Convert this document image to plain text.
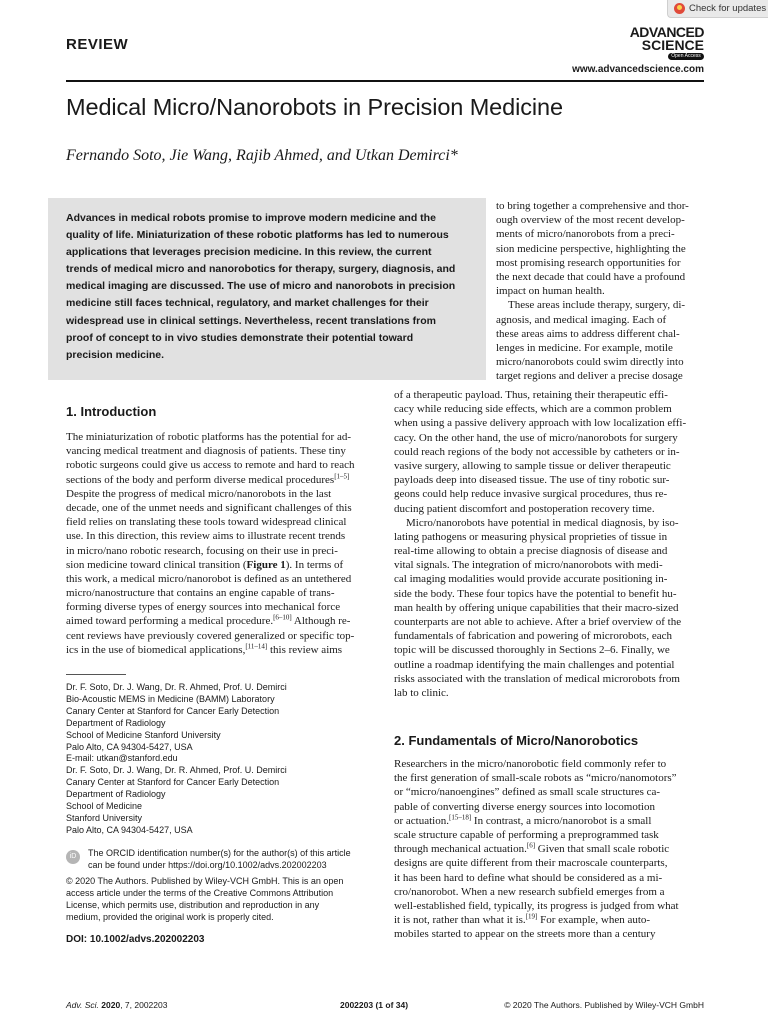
Check for updates
REVIEW
ADVANCED
SCIENCE
Open Access
www.advancedscience.com
Medical Micro/Nanorobots in Precision Medicine
Fernando Soto, Jie Wang, Rajib Ahmed, and Utkan Demirci*
Advances in medical robots promise to improve modern medicine and the
quality of life. Miniaturization of these robotic platforms has led to numerous
applications that leverages precision medicine. In this review, the current
trends of medical micro and nanorobotics for therapy, surgery, diagnosis, and
medical imaging are discussed. The use of micro and nanorobots in precision
medicine still faces technical, regulatory, and market challenges for their
widespread use in clinical settings. Nevertheless, recent translations from
proof of concept to in vivo studies demonstrate their potential toward
precision medicine.
to bring together a comprehensive and thor-
ough overview of the most recent develop-
ments of micro/nanorobots from a preci-
sion medicine perspective, highlighting the
most promising research opportunities for
the next decade that could have a profound
impact on human health.
These areas include therapy, surgery, di-
agnosis, and medical imaging. Each of
these areas aims to address different chal-
lenges in medicine. For example, motile
micro/nanorobots could swim directly into
target regions and deliver a precise dosage
of a therapeutic payload. Thus, retaining their therapeutic effi-
cacy while reducing side effects, which are a common problem
when using a passive delivery approach with low localization effi-
cacy. On the other hand, the use of micro/nanorobots for surgery
could reach regions of the body not accessible by catheters or in-
vasive surgery, allowing to sample tissue or deliver therapeutic
payloads deep into diseased tissue. The use of tiny robotic sur-
geons could help reduce invasive surgical procedures, thus re-
ducing patient discomfort and postoperation recovery time.
Micro/nanorobots have potential in medical diagnosis, by iso-
lating pathogens or measuring physical proprieties of tissue in
real-time allowing to obtain a precise diagnosis of disease and
vital signals. The integration of micro/nanorobots with medi-
cal imaging modalities would provide accurate positioning in-
side the body. These four topics have the potential to benefit hu-
man health by offering unique capabilities that their macro-sized
counterparts are not able to achieve. After a brief overview of the
fundamentals of fabrication and powering of microrobots, each
topic will be discussed thoroughly in Sections 2–6. Finally, we
outline a roadmap identifying the main challenges and potential
risks associated with the translation of medical microrobots from
lab to clinic.
2. Fundamentals of Micro/Nanorobotics
Researchers in the micro/nanorobotic field commonly refer to
the first generation of small-scale robots as “micro/nanomotors”
or “micro/nanoengines” defined as small scale structures ca-
pable of converting diverse energy sources into locomotion
or actuation.[15–18] In contrast, a micro/nanorobot is a small
scale structure capable of performing a preprogrammed task
through mechanical actuation.[6] Given that small scale robotic
designs are quite different from their macroscale counterparts,
it has been hard to define what should be considered as a mi-
cro/nanorobot. When a new research subfield emerges from a
well-established field, typically, its progress is judged from what
it is not, rather than what it is.[19] For example, when auto-
mobiles started to appear on the streets more than a century
1. Introduction
The miniaturization of robotic platforms has the potential for ad-
vancing medical treatment and diagnosis of patients. These tiny
robotic surgeons could give us access to remote and hard to reach
sections of the body and perform diverse medical procedures[1–5]
Despite the progress of medical micro/nanorobots in the last
decade, one of the unmet needs and significant challenges of this
field relies on translating these tools toward widespread clinical
use. In this direction, this review aims to illustrate recent trends
in micro/nano robotic research, focusing on their use in preci-
sion medicine toward clinical transition (Figure 1). In terms of
this work, a medical micro/nanorobot is defined as an untethered
micro/nanostructure that contains an engine capable of trans-
forming diverse types of energy sources into mechanical force
aimed toward performing a medical procedure.[6–10] Although re-
cent reviews have previously covered generalized or specific top-
ics in the use of biomedical applications,[11–14] this review aims
Dr. F. Soto, Dr. J. Wang, Dr. R. Ahmed, Prof. U. Demirci
Bio-Acoustic MEMS in Medicine (BAMM) Laboratory
Canary Center at Stanford for Cancer Early Detection
Department of Radiology
School of Medicine Stanford University
Palo Alto, CA 94304-5427, USA
E-mail: utkan@stanford.edu
Dr. F. Soto, Dr. J. Wang, Dr. R. Ahmed, Prof. U. Demirci
Canary Center at Stanford for Cancer Early Detection
Department of Radiology
School of Medicine
Stanford University
Palo Alto, CA 94304-5427, USA
iD	The ORCID identification number(s) for the author(s) of this article
can be found under https://doi.org/10.1002/advs.202002203
© 2020 The Authors. Published by Wiley-VCH GmbH. This is an open
access article under the terms of the Creative Commons Attribution
License, which permits use, distribution and reproduction in any
medium, provided the original work is properly cited.
DOI: 10.1002/advs.202002203
Adv. Sci. 2020, 7, 2002203	2002203 (1 of 34)	© 2020 The Authors. Published by Wiley-VCH GmbH
